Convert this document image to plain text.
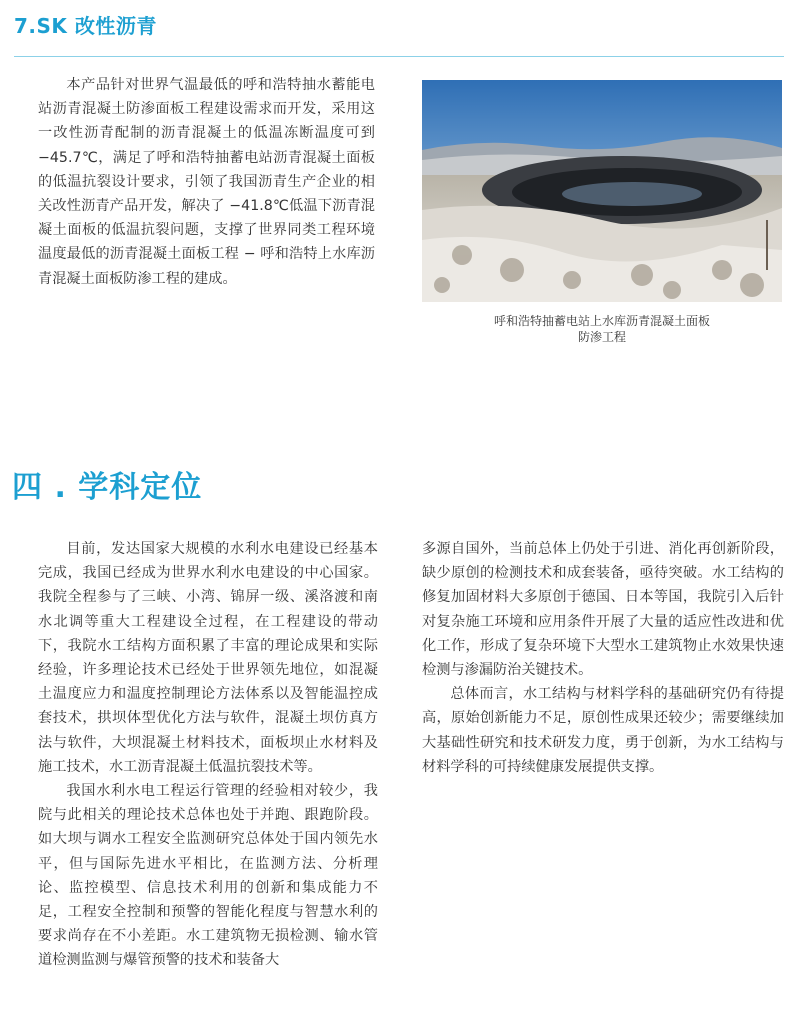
7.SK 改性沥青

本产品针对世界气温最低的呼和浩特抽水蓄能电站沥青混凝土防渗面板工程建设需求而开发，采用这一改性沥青配制的沥青混凝土的低温冻断温度可到 −45.7℃，满足了呼和浩特抽蓄电站沥青混凝土面板的低温抗裂设计要求，引领了我国沥青生产企业的相关改性沥青产品开发，解决了 −41.8℃低温下沥青混凝土面板的低温抗裂问题，支撑了世界同类工程环境温度最低的沥青混凝土面板工程 − 呼和浩特上水库沥青混凝土面板防渗工程的建成。

呼和浩特抽蓄电站上水库沥青混凝土面板
防渗工程
四 . 学科定位

目前，发达国家大规模的水利水电建设已经基本完成，我国已经成为世界水利水电建设的中心国家。我院全程参与了三峡、小湾、锦屏一级、溪洛渡和南水北调等重大工程建设全过程，在工程建设的带动下，我院水工结构方面积累了丰富的理论成果和实际经验，许多理论技术已经处于世界领先地位，如混凝土温度应力和温度控制理论方法体系以及智能温控成套技术，拱坝体型优化方法与软件，混凝土坝仿真方法与软件，大坝混凝土材料技术，面板坝止水材料及施工技术，水工沥青混凝土低温抗裂技术等。

我国水利水电工程运行管理的经验相对较少，我院与此相关的理论技术总体也处于并跑、跟跑阶段。如大坝与调水工程安全监测研究总体处于国内领先水平，但与国际先进水平相比，在监测方法、分析理论、监控模型、信息技术利用的创新和集成能力不足，工程安全控制和预警的智能化程度与智慧水利的要求尚存在不小差距。水工建筑物无损检测、输水管道检测监测与爆管预警的技术和装备大

多源自国外，当前总体上仍处于引进、消化再创新阶段，缺少原创的检测技术和成套装备，亟待突破。水工结构的修复加固材料大多原创于德国、日本等国，我院引入后针对复杂施工环境和应用条件开展了大量的适应性改进和优化工作，形成了复杂环境下大型水工建筑物止水效果快速检测与渗漏防治关键技术。

总体而言，水工结构与材料学科的基础研究仍有待提高，原始创新能力不足，原创性成果还较少；需要继续加大基础性研究和技术研发力度，勇于创新，为水工结构与材料学科的可持续健康发展提供支撑。
